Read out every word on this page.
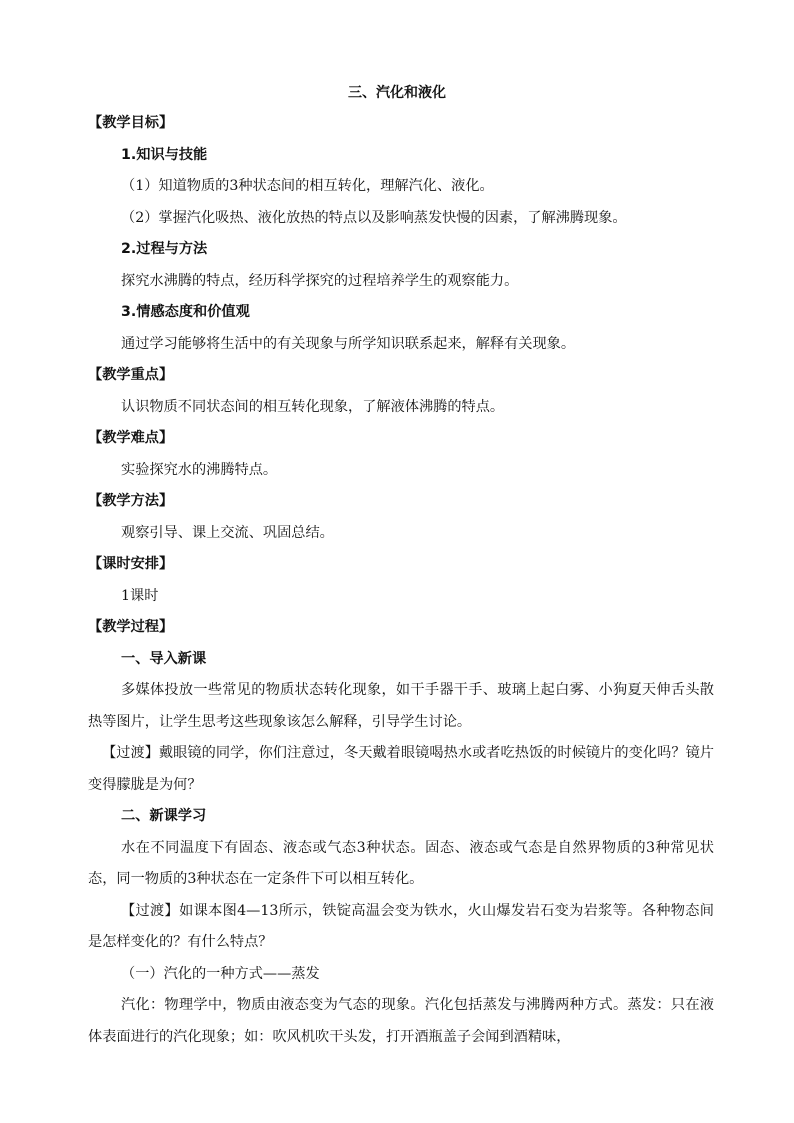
三、汽化和液化

【教学目标】

1.知识与技能

（1）知道物质的3种状态间的相互转化，理解汽化、液化。

（2）掌握汽化吸热、液化放热的特点以及影响蒸发快慢的因素，了解沸腾现象。

2.过程与方法

探究水沸腾的特点，经历科学探究的过程培养学生的观察能力。

3.情感态度和价值观

通过学习能够将生活中的有关现象与所学知识联系起来，解释有关现象。

【教学重点】

认识物质不同状态间的相互转化现象，了解液体沸腾的特点。

【教学难点】

实验探究水的沸腾特点。

【教学方法】

观察引导、课上交流、巩固总结。

【课时安排】

1课时

【教学过程】

一、导入新课

多媒体投放一些常见的物质状态转化现象，如干手器干手、玻璃上起白雾、小狗夏天伸舌头散热等图片，让学生思考这些现象该怎么解释，引导学生讨论。

【过渡】戴眼镜的同学，你们注意过，冬天戴着眼镜喝热水或者吃热饭的时候镜片的变化吗？镜片变得朦胧是为何？

二、新课学习

水在不同温度下有固态、液态或气态3种状态。固态、液态或气态是自然界物质的3种常见状态，同一物质的3种状态在一定条件下可以相互转化。

【过渡】如课本图4—13所示，铁锭高温会变为铁水，火山爆发岩石变为岩浆等。各种物态间是怎样变化的？有什么特点？

（一）汽化的一种方式——蒸发

汽化：物理学中，物质由液态变为气态的现象。汽化包括蒸发与沸腾两种方式。蒸发：只在液体表面进行的汽化现象；如：吹风机吹干头发，打开酒瓶盖子会闻到酒精味，
